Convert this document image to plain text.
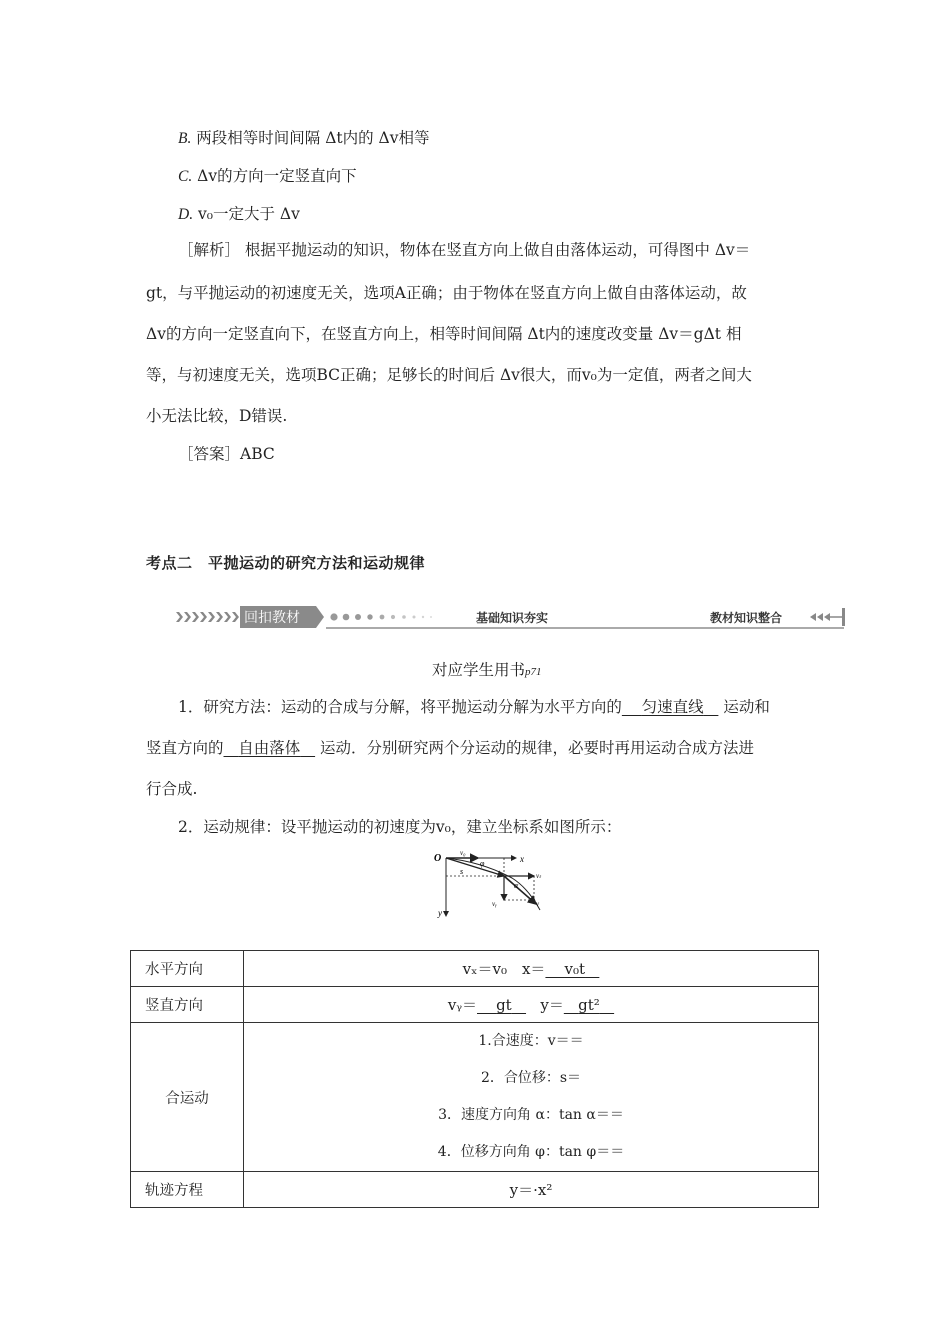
B. 两段相等时间间隔 Δt内的 Δv相等
C. Δv的方向一定竖直向下
D. v₀一定大于 Δv
［解析］ 根据平抛运动的知识，物体在竖直方向上做自由落体运动，可得图中 Δv＝
gt，与平抛运动的初速度无关，选项A正确；由于物体在竖直方向上做自由落体运动，故
Δv的方向一定竖直向下，在竖直方向上，相等时间间隔 Δt内的速度改变量 Δv＝gΔt 相
等，与初速度无关，选项BC正确；足够长的时间后 Δv很大，而v₀为一定值，两者之间大
小无法比较，D错误.
［答案］ABC
考点二　平抛运动的研究方法和运动规律
回扣教材	基础知识夯实	教材知识整合
对应学生用书p71
1．研究方法：运动的合成与分解，将平抛运动分解为水平方向的 匀速直线 运动和
竖直方向的 自由落体 运动．分别研究两个分运动的规律，必要时再用运动合成方法进
行合成.
2．运动规律：设平抛运动的初速度为v₀，建立坐标系如图所示：
O	x
y
v₀
φ
s
α
vₜ
vᵧ	v
水平方向	vₓ＝v₀　x＝ v₀t
竖直方向	vᵧ＝ gt y＝ gt²
合运动	1.合速度：v＝＝
2．合位移：s＝
3．速度方向角 α：tan α＝＝
4．位移方向角 φ：tan φ＝＝

轨迹方程	y＝·x²
